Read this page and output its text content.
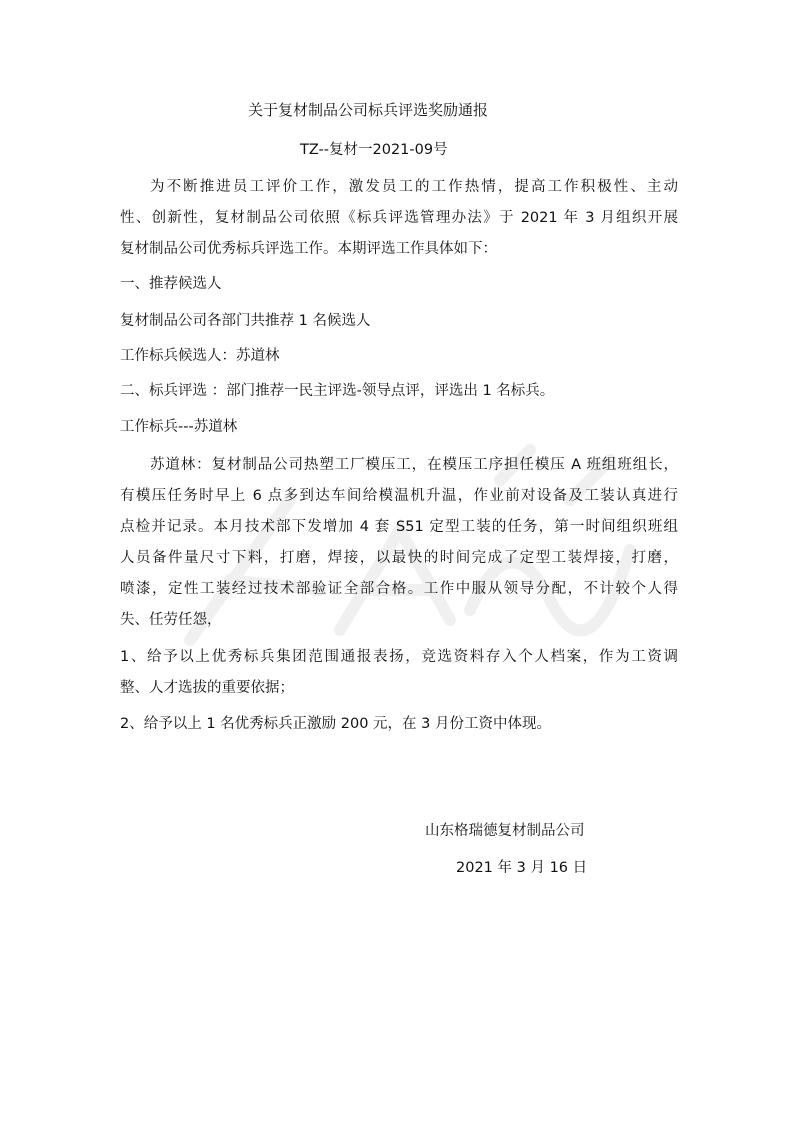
关于复材制品公司标兵评选奖励通报
TZ--复材一2021-09号
为不断推进员工评价工作，激发员工的工作热情，提高工作积极性、主动
性、创新性，复材制品公司依照《标兵评选管理办法》于 2021 年 3 月组织开展
复材制品公司优秀标兵评选工作。本期评选工作具体如下：
一、推荐候选人
复材制品公司各部门共推荐 1 名候选人
工作标兵候选人：苏道林
二、标兵评选 ：部门推荐一民主评选-领导点评，评选出 1 名标兵。
工作标兵---苏道林
苏道林：复材制品公司热塑工厂模压工，在模压工序担任模压 A 班组班组长，
有模压任务时早上 6 点多到达车间给模温机升温，作业前对设备及工装认真进行
点检并记录。本月技术部下发增加 4 套 S51 定型工装的任务，第一时间组织班组
人员备件量尺寸下料，打磨，焊接，以最快的时间完成了定型工装焊接，打磨，
喷漆，定性工装经过技术部验证全部合格。工作中服从领导分配，不计较个人得
失、任劳任怨，
1、给予以上优秀标兵集团范围通报表扬，竞选资料存入个人档案，作为工资调
整、人才选拔的重要依据；
2、给予以上 1 名优秀标兵正激励 200 元，在 3 月份工资中体现。
山东格瑞德复材制品公司
2021 年 3 月 16 日
